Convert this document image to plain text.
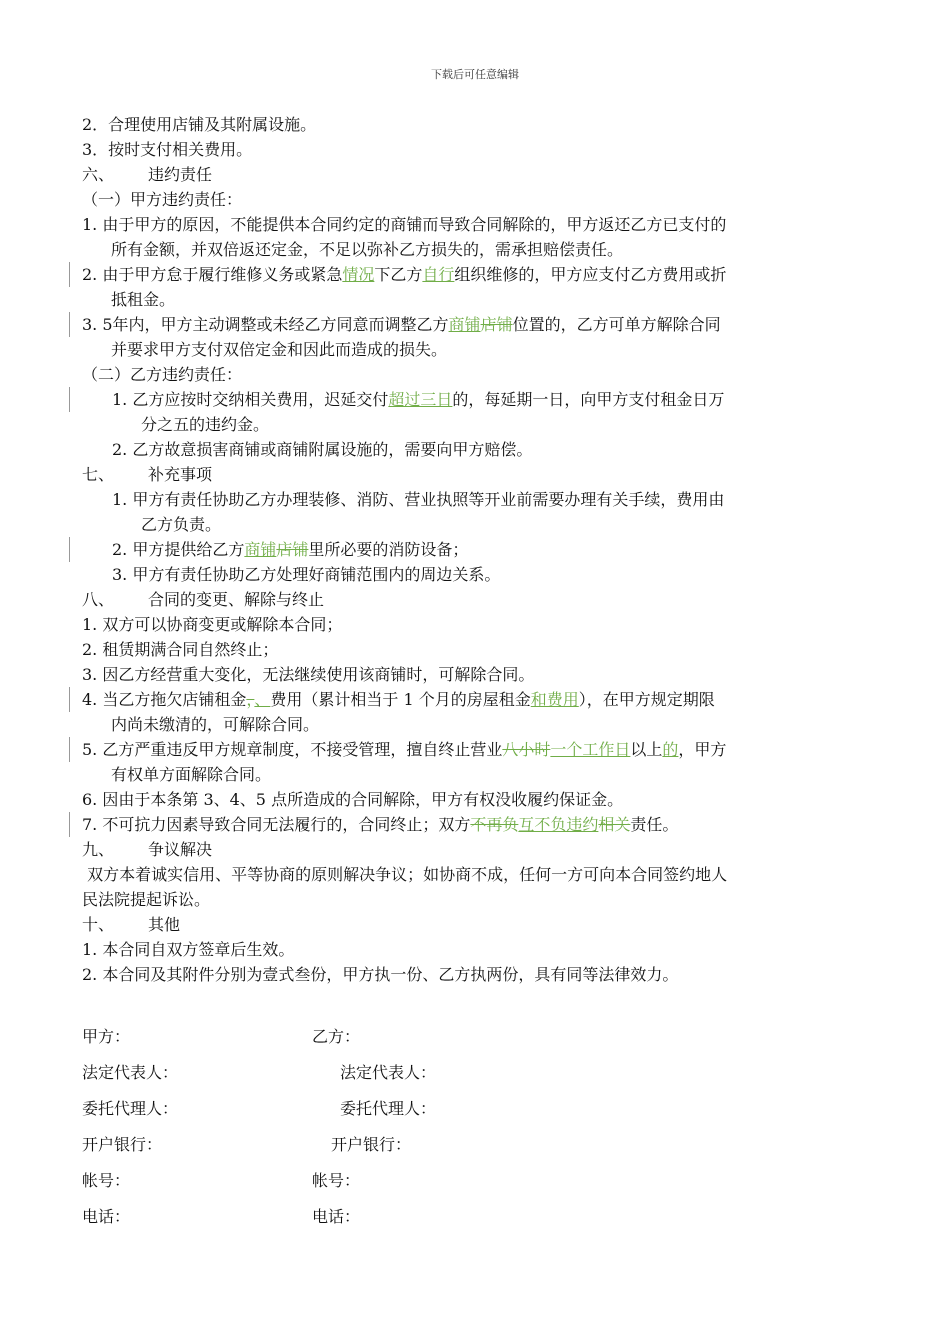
下载后可任意编辑
2．合理使用店铺及其附属设施。
3．按时支付相关费用。
六、 违约责任
（一）甲方违约责任：
1. 由于甲方的原因，不能提供本合同约定的商铺而导致合同解除的，甲方返还乙方已支付的
所有金额，并双倍返还定金，不足以弥补乙方损失的，需承担赔偿责任。
2. 由于甲方怠于履行维修义务或紧急情况下乙方自行组织维修的，甲方应支付乙方费用或折
抵租金。
3. 5年内，甲方主动调整或未经乙方同意而调整乙方商铺店铺位置的，乙方可单方解除合同
并要求甲方支付双倍定金和因此而造成的损失。
（二）乙方违约责任：
1. 乙方应按时交纳相关费用，迟延交付超过三日的，每延期一日，向甲方支付租金日万
分之五的违约金。
2. 乙方故意损害商铺或商铺附属设施的，需要向甲方赔偿。
七、 补充事项
1. 甲方有责任协助乙方办理装修、消防、营业执照等开业前需要办理有关手续，费用由
乙方负责。
2. 甲方提供给乙方商铺店铺里所必要的消防设备；
3. 甲方有责任协助乙方处理好商铺范围内的周边关系。
八、 合同的变更、解除与终止
1. 双方可以协商变更或解除本合同；
2. 租赁期满合同自然终止；
3. 因乙方经营重大变化，无法继续使用该商铺时，可解除合同。
4. 当乙方拖欠店铺租金，、费用（累计相当于 1 个月的房屋租金和费用），在甲方规定期限
内尚未缴清的，可解除合同。
5. 乙方严重违反甲方规章制度，不接受管理，擅自终止营业八小时一个工作日以上的，甲方
有权单方面解除合同。
6. 因由于本条第 3、4、5 点所造成的合同解除，甲方有权没收履约保证金。
7. 不可抗力因素导致合同无法履行的，合同终止；双方不再负互不负违约相关责任。
九、 争议解决
双方本着诚实信用、平等协商的原则解决争议；如协商不成，任何一方可向本合同签约地人
民法院提起诉讼。
十、 其他
1. 本合同自双方签章后生效。
2. 本合同及其附件分别为壹式叁份，甲方执一份、乙方执两份，具有同等法律效力。
甲方：	乙方：
法定代表人：	法定代表人：
委托代理人：	委托代理人：
开户银行：	开户银行：
帐号：	帐号：
电话：	电话：
